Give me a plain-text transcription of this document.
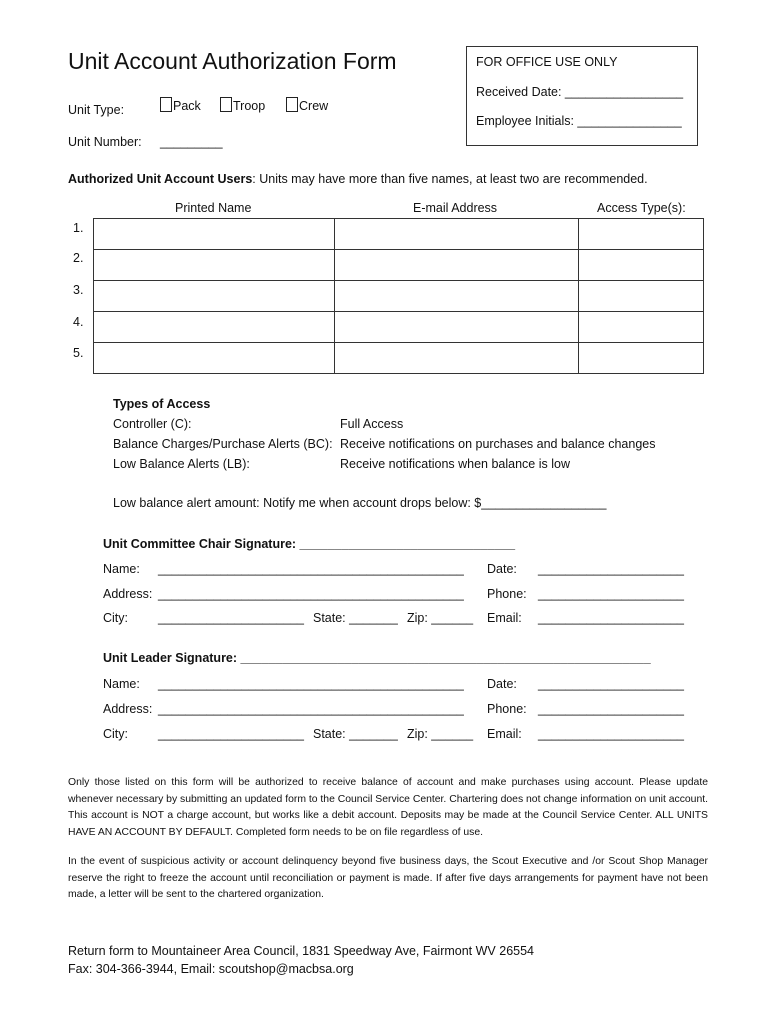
Unit Account Authorization Form	FOR OFFICE USE ONLY
Received Date: _________________
Employee Initials: _______________
Unit Type:	Pack	Troop	Crew
Unit Number: _________
Authorized Unit Account Users: Units may have more than five names, at least two are recommended.
Printed Name	E-mail Address	Access Type(s):
1.
2.
3.
4.
5.

Types of Access
Controller (C):	Full Access
Balance Charges/Purchase Alerts (BC): Receive notifications on purchases and balance changes
Low Balance Alerts (LB):	Receive notifications when balance is low
Low balance alert amount: Notify me when account drops below: $__________________
Unit Committee Chair Signature: _______________________________
Name: ____________________________________________ Date: _____________________
Address: ____________________________________________ Phone: _____________________
City: _____________________ State: _______ Zip: ______ Email: _____________________
Unit Leader Signature: ___________________________________________________________
Name: ____________________________________________ Date: _____________________
Address: ____________________________________________ Phone: _____________________
City: _____________________ State: _______ Zip: ______ Email: _____________________
Only those listed on this form will be authorized to receive balance of account and make purchases using account. Please update whenever necessary by submitting an updated form to the Council Service Center. Chartering does not change information on unit account. This account is NOT a charge account, but works like a debit account. Deposits may be made at the Council Service Center. ALL UNITS HAVE AN ACCOUNT BY DEFAULT. Completed form needs to be on file regardless of use.
In the event of suspicious activity or account delinquency beyond five business days, the Scout Executive and /or Scout Shop Manager reserve the right to freeze the account until reconciliation or payment is made. If after five days arrangements for payment have not been made, a letter will be sent to the chartered organization.
Return form to Mountaineer Area Council, 1831 Speedway Ave, Fairmont WV 26554
Fax: 304-366-3944, Email: scoutshop@macbsa.org
